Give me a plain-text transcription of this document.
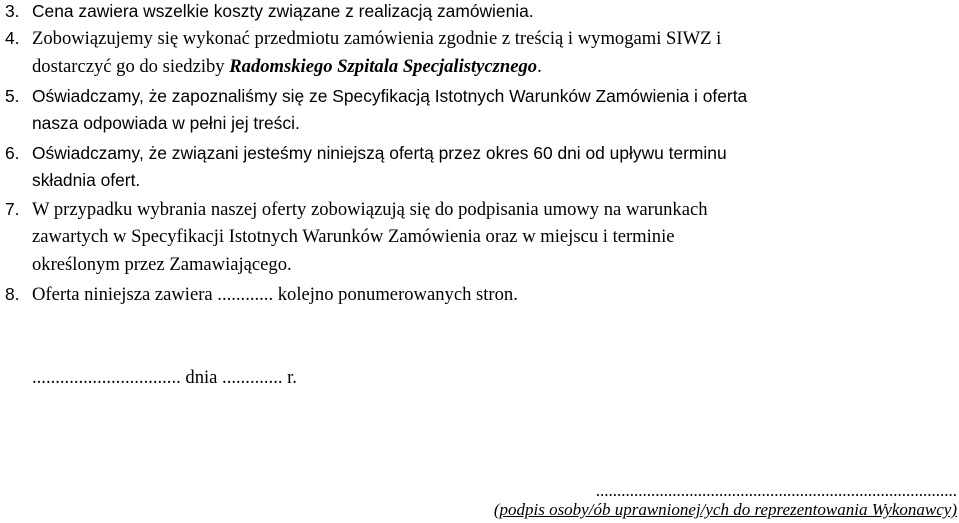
3. Cena zawiera wszelkie koszty związane z realizacją zamówienia.
4. Zobowiązujemy się wykonać przedmiotu zamówienia zgodnie z treścią i wymogami SIWZ i
dostarczyć go do siedziby Radomskiego Szpitala Specjalistycznego.
5. Oświadczamy, że zapoznaliśmy się ze Specyfikacją Istotnych Warunków Zamówienia i oferta
nasza odpowiada w pełni jej treści.
6. Oświadczamy, że związani jesteśmy niniejszą ofertą przez okres 60 dni od upływu terminu
składnia ofert.
7. W przypadku wybrania naszej oferty zobowiązują się do podpisania umowy na warunkach
zawartych w Specyfikacji Istotnych Warunków Zamówienia oraz w miejscu i terminie
określonym przez Zamawiającego.
8. Oferta niniejsza zawiera ............ kolejno ponumerowanych stron.
................................ dnia ............. r.
.....................................................................................
(podpis osoby/ób uprawnionej/ych do reprezentowania Wykonawcy)
